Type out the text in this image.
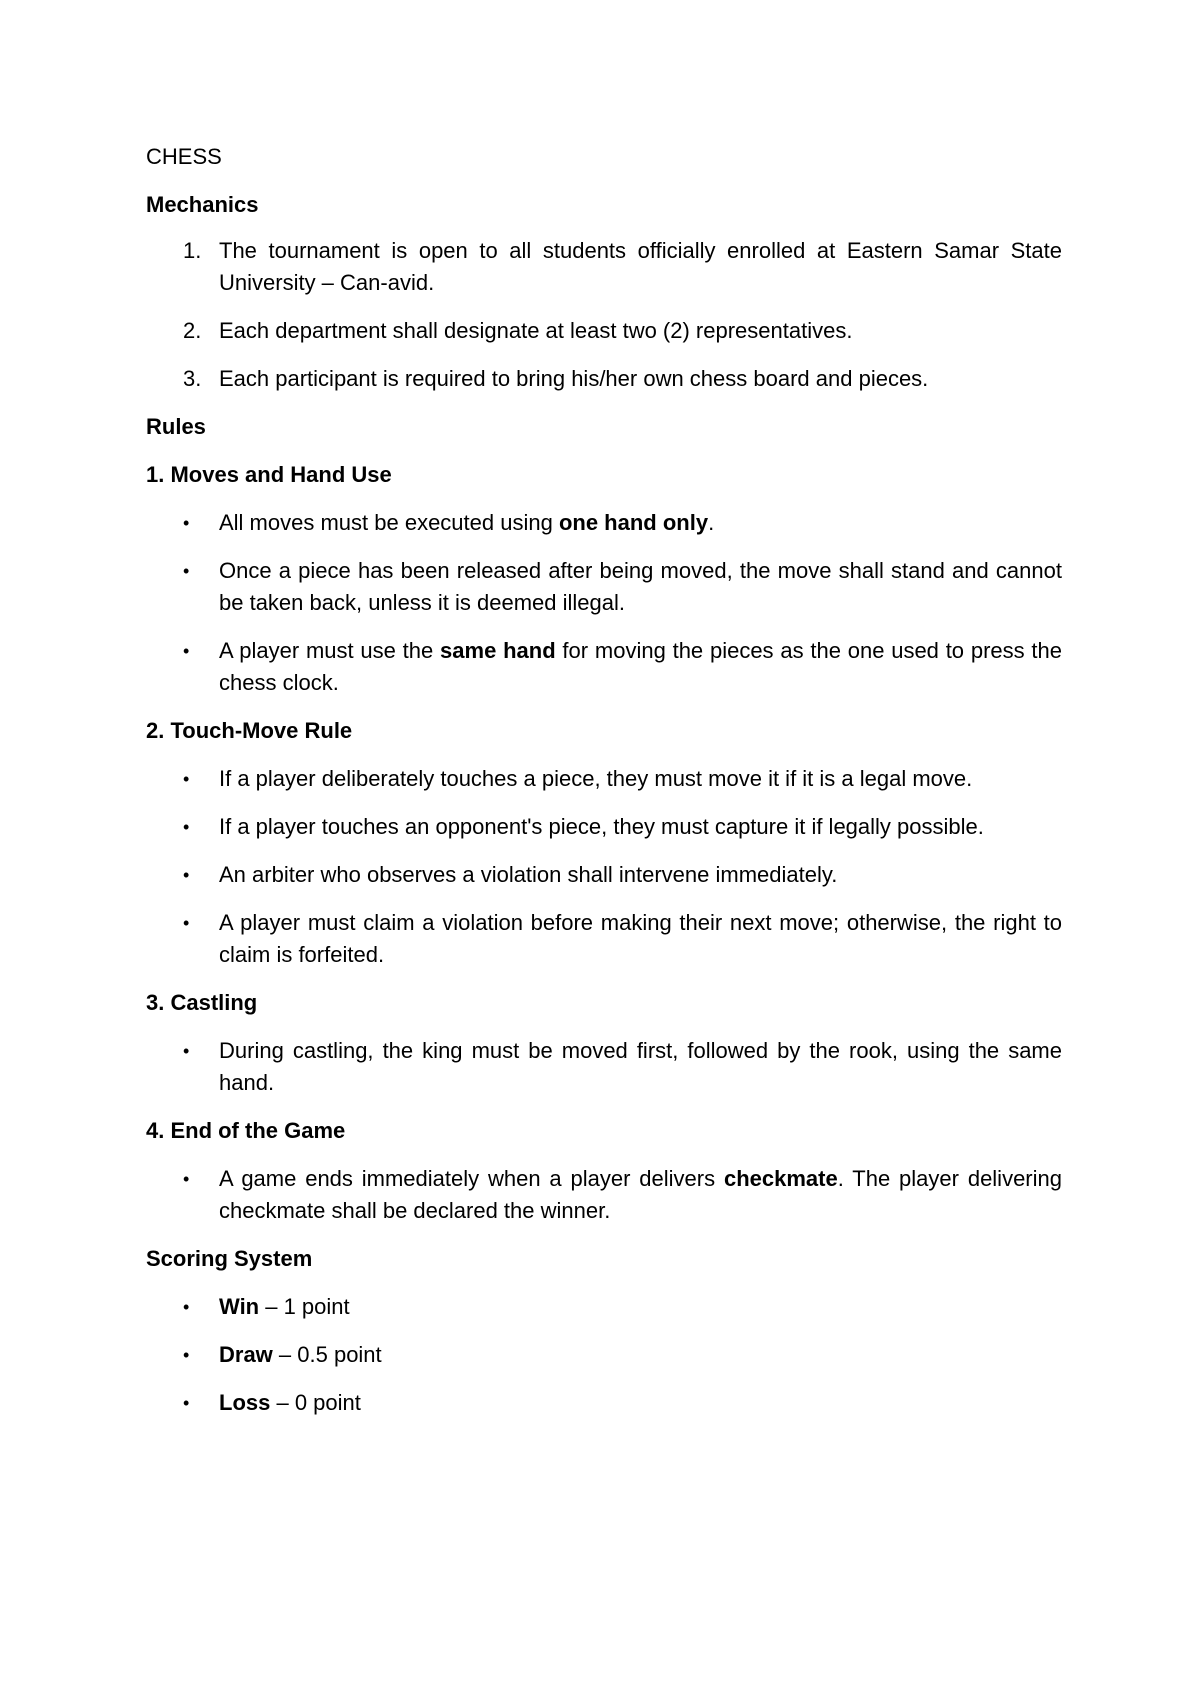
CHESS
Mechanics
1. The tournament is open to all students officially enrolled at Eastern Samar State University – Can-avid.
2. Each department shall designate at least two (2) representatives.
3. Each participant is required to bring his/her own chess board and pieces.
Rules
1. Moves and Hand Use
• All moves must be executed using one hand only.
• Once a piece has been released after being moved, the move shall stand and cannot be taken back, unless it is deemed illegal.
• A player must use the same hand for moving the pieces as the one used to press the chess clock.
2. Touch-Move Rule
• If a player deliberately touches a piece, they must move it if it is a legal move.
• If a player touches an opponent's piece, they must capture it if legally possible.
• An arbiter who observes a violation shall intervene immediately.
• A player must claim a violation before making their next move; otherwise, the right to claim is forfeited.
3. Castling
• During castling, the king must be moved first, followed by the rook, using the same hand.
4. End of the Game
• A game ends immediately when a player delivers checkmate. The player delivering checkmate shall be declared the winner.
Scoring System
• Win – 1 point
• Draw – 0.5 point
• Loss – 0 point
